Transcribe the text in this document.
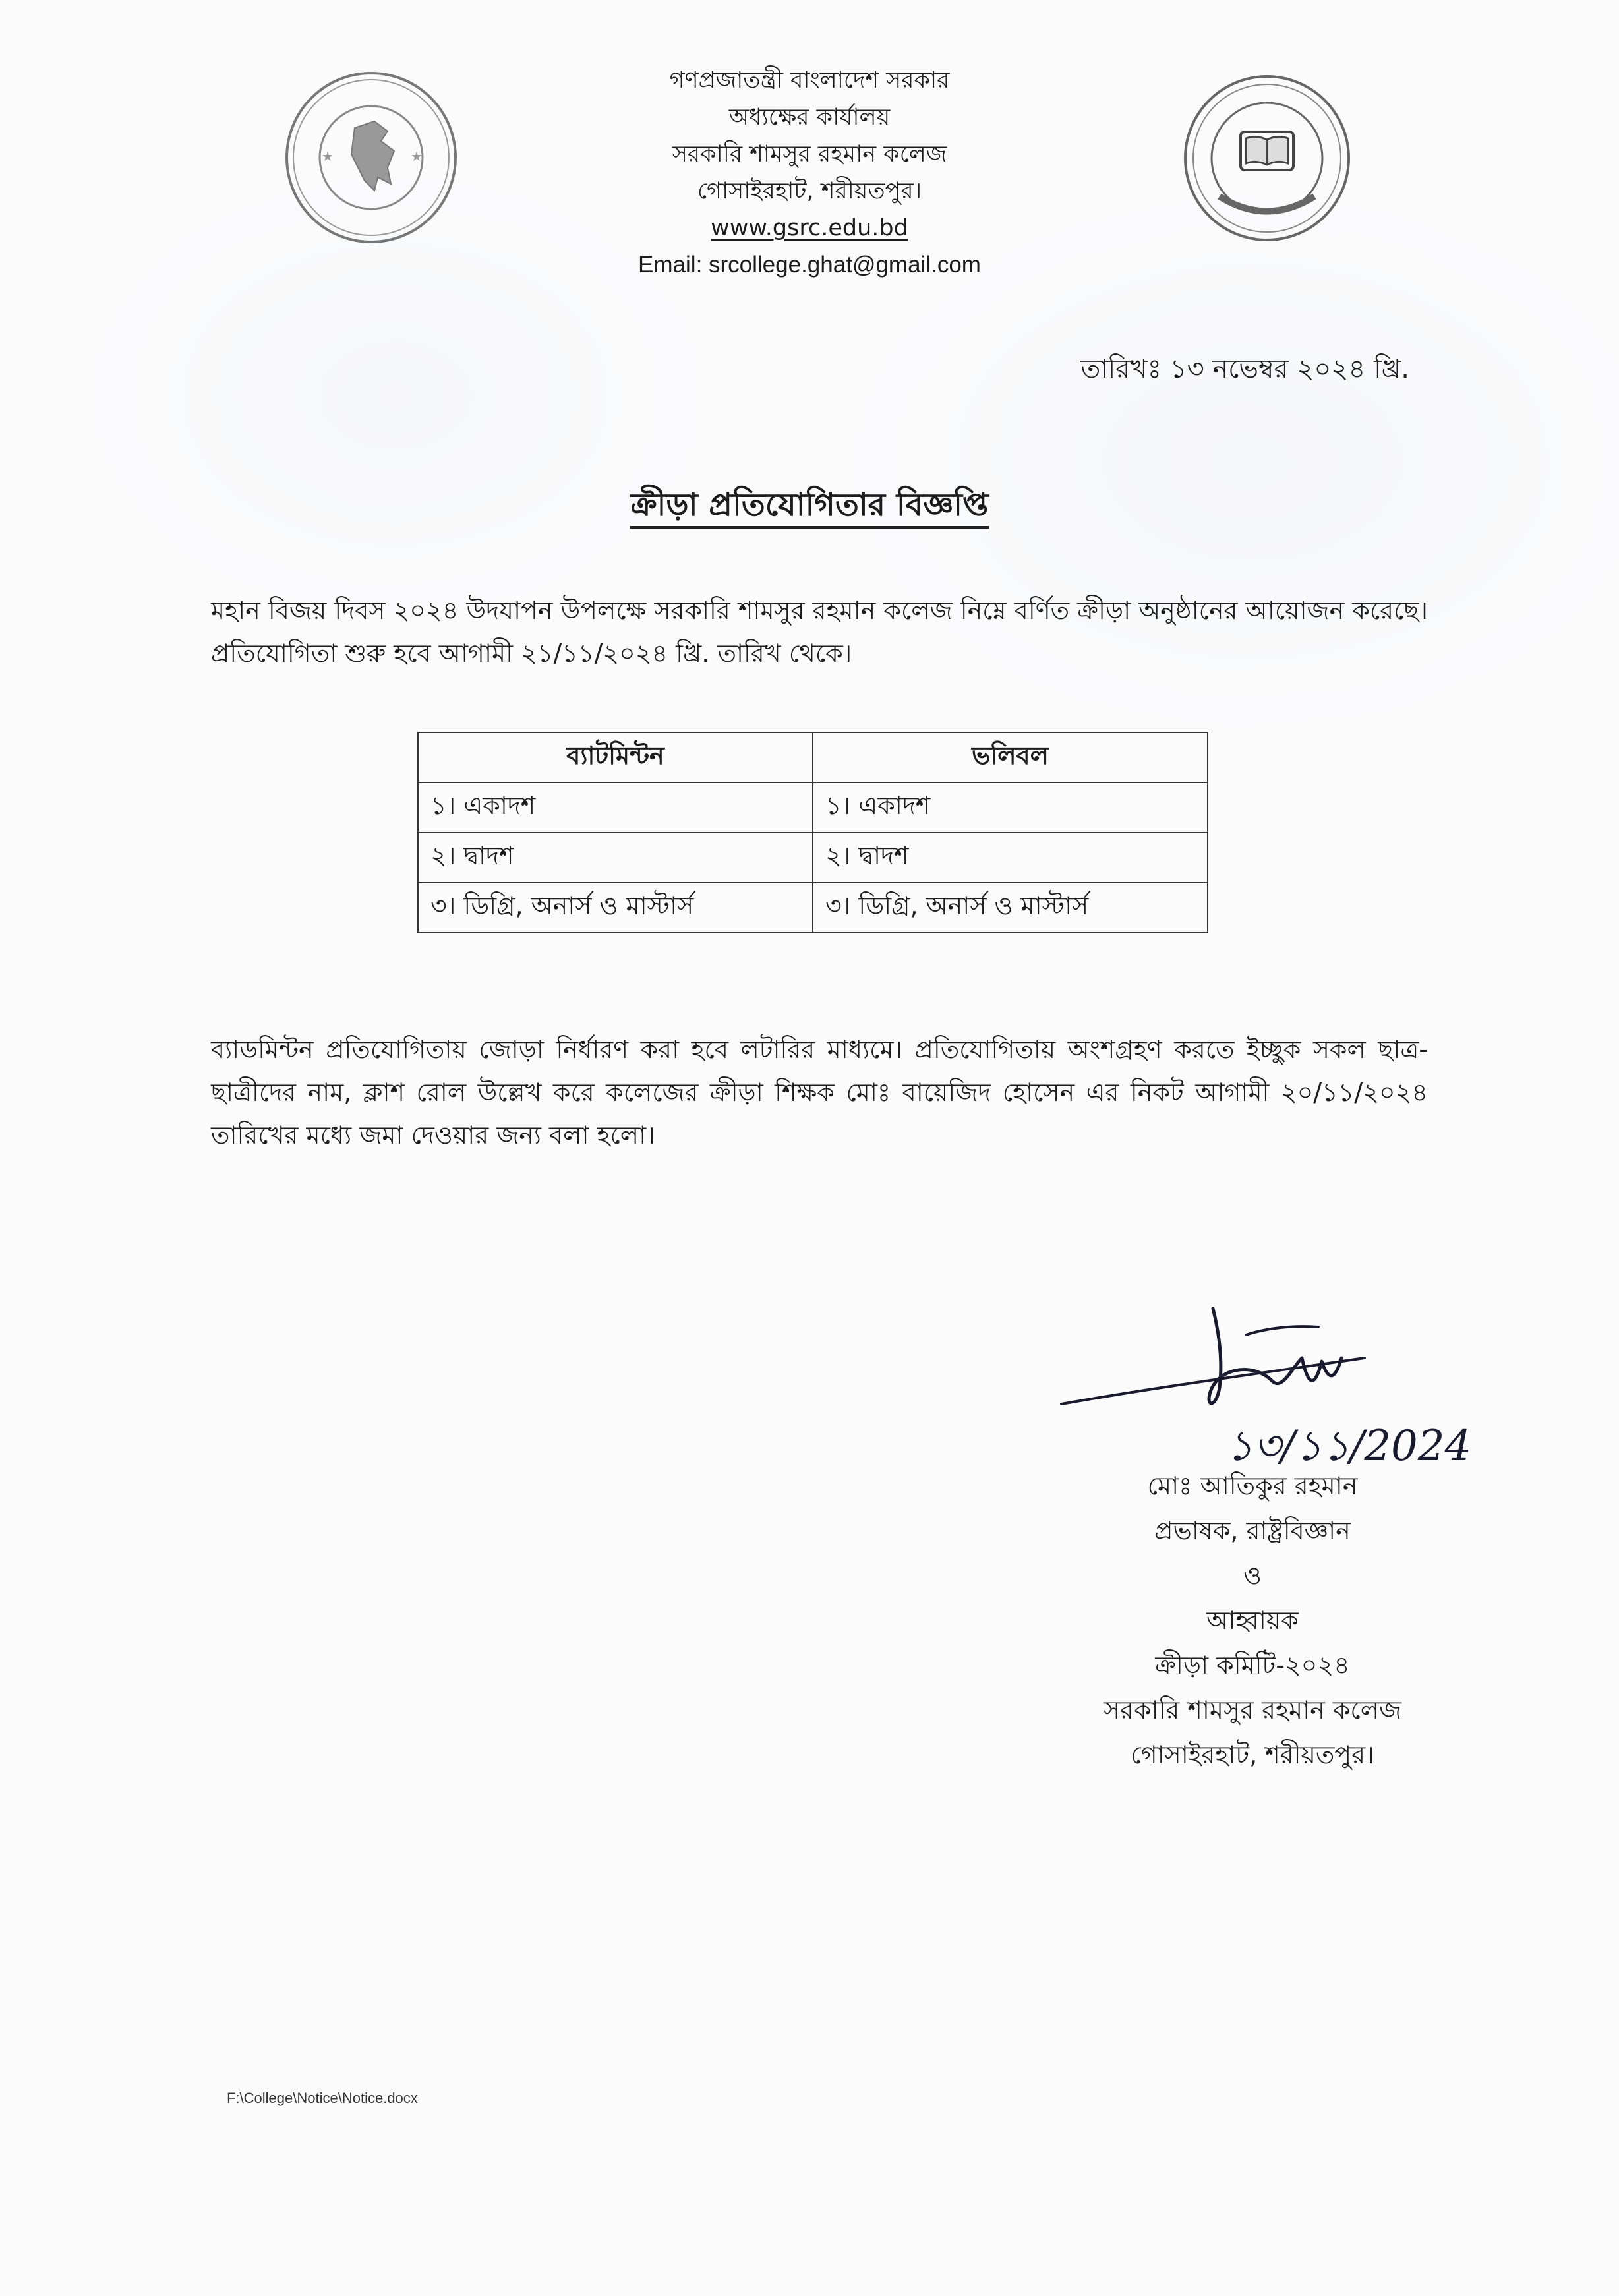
★	★
গণপ্রজাতন্ত্রী বাংলাদেশ সরকার
অধ্যক্ষের কার্যালয়
সরকারি শামসুর রহমান কলেজ
গোসাইরহাট, শরীয়তপুর।
www.gsrc.edu.bd
Email: srcollege.ghat@gmail.com
তারিখঃ ১৩ নভেম্বর ২০২৪ খ্রি.
ক্রীড়া প্রতিযোগিতার বিজ্ঞপ্তি
মহান বিজয় দিবস ২০২৪ উদযাপন উপলক্ষে সরকারি শামসুর রহমান কলেজ নিম্নে বর্ণিত ক্রীড়া অনুষ্ঠানের আয়োজন করেছে। প্রতিযোগিতা শুরু হবে আগামী ২১/১১/২০২৪ খ্রি. তারিখ থেকে।
ব্যাটমিন্টন	ভলিবল
১। একাদশ	১। একাদশ
২। দ্বাদশ	২। দ্বাদশ
৩। ডিগ্রি, অনার্স ও মাস্টার্স	৩। ডিগ্রি, অনার্স ও মাস্টার্স
ব্যাডমিন্টন প্রতিযোগিতায় জোড়া নির্ধারণ করা হবে লটারির মাধ্যমে। প্রতিযোগিতায় অংশগ্রহণ করতে ইচ্ছুক সকল ছাত্র-ছাত্রীদের নাম, ক্লাশ রোল উল্লেখ করে কলেজের ক্রীড়া শিক্ষক মোঃ বায়েজিদ হোসেন এর নিকট আগামী ২০/১১/২০২৪ তারিখের মধ্যে জমা দেওয়ার জন্য বলা হলো।
১৩/১১/2024
মোঃ আতিকুর রহমান
প্রভাষক, রাষ্ট্রবিজ্ঞান
ও
আহ্বায়ক
ক্রীড়া কমিটি-২০২৪
সরকারি শামসুর রহমান কলেজ
গোসাইরহাট, শরীয়তপুর।
F:\College\Notice\Notice.docx
